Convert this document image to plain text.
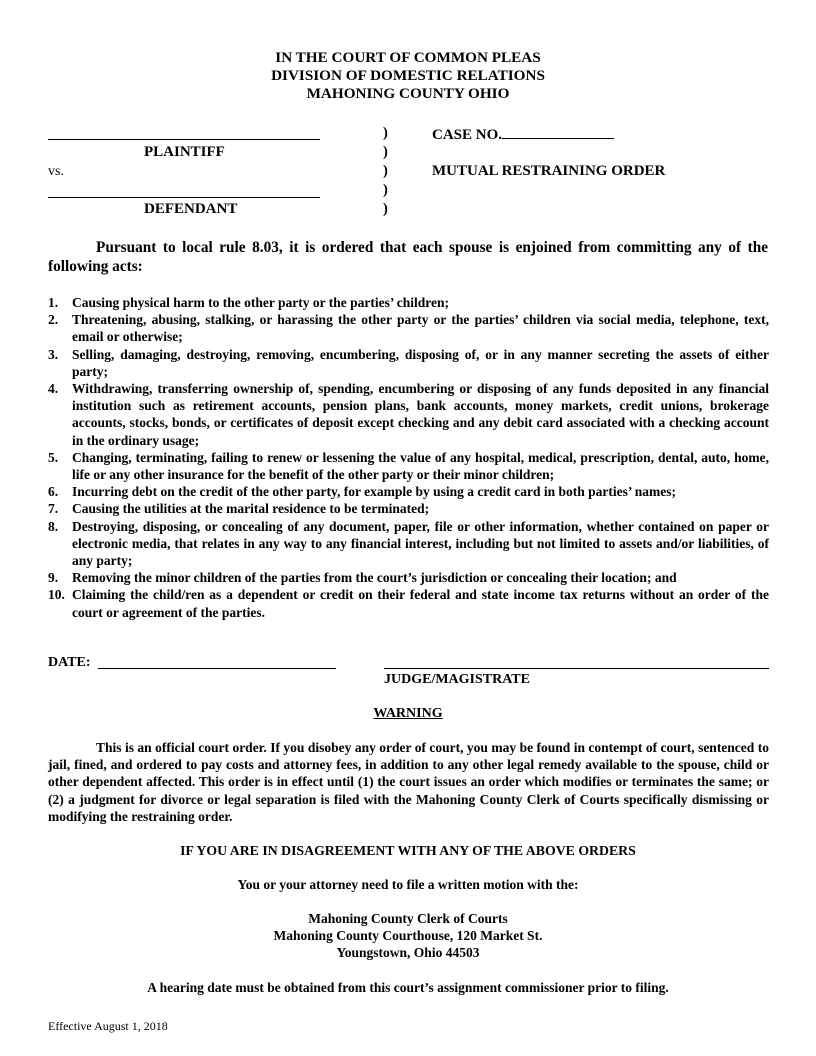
IN THE COURT OF COMMON PLEAS
DIVISION OF DOMESTIC RELATIONS
MAHONING COUNTY OHIO
PLAINTIFF
vs.
DEFENDANT
)
)
)
)
)
CASE NO.
MUTUAL RESTRAINING ORDER
Pursuant to local rule 8.03, it is ordered that each spouse is enjoined from committing any of the following acts:
1. Causing physical harm to the other party or the parties’ children;
2. Threatening, abusing, stalking, or harassing the other party or the parties’ children via social media, telephone, text, email or otherwise;
3. Selling, damaging, destroying, removing, encumbering, disposing of, or in any manner secreting the assets of either party;
4. Withdrawing, transferring ownership of, spending, encumbering or disposing of any funds deposited in any financial institution such as retirement accounts, pension plans, bank accounts, money markets, credit unions, brokerage accounts, stocks, bonds, or certificates of deposit except checking and any debit card associated with a checking account in the ordinary usage;
5. Changing, terminating, failing to renew or lessening the value of any hospital, medical, prescription, dental, auto, home, life or any other insurance for the benefit of the other party or their minor children;
6. Incurring debt on the credit of the other party, for example by using a credit card in both parties’ names;
7. Causing the utilities at the marital residence to be terminated;
8. Destroying, disposing, or concealing of any document, paper, file or other information, whether contained on paper or electronic media, that relates in any way to any financial interest, including but not limited to assets and/or liabilities, of any party;
9. Removing the minor children of the parties from the court’s jurisdiction or concealing their location; and
10. Claiming the child/ren as a dependent or credit on their federal and state income tax returns without an order of the court or agreement of the parties.
DATE:
JUDGE/MAGISTRATE
WARNING
This is an official court order. If you disobey any order of court, you may be found in contempt of court, sentenced to jail, fined, and ordered to pay costs and attorney fees, in addition to any other legal remedy available to the spouse, child or other dependent affected. This order is in effect until (1) the court issues an order which modifies or terminates the same; or (2) a judgment for divorce or legal separation is filed with the Mahoning County Clerk of Courts specifically dismissing or modifying the restraining order.
IF YOU ARE IN DISAGREEMENT WITH ANY OF THE ABOVE ORDERS
You or your attorney need to file a written motion with the:
Mahoning County Clerk of Courts
Mahoning County Courthouse, 120 Market St.
Youngstown, Ohio 44503
A hearing date must be obtained from this court’s assignment commissioner prior to filing.
Effective August 1, 2018
